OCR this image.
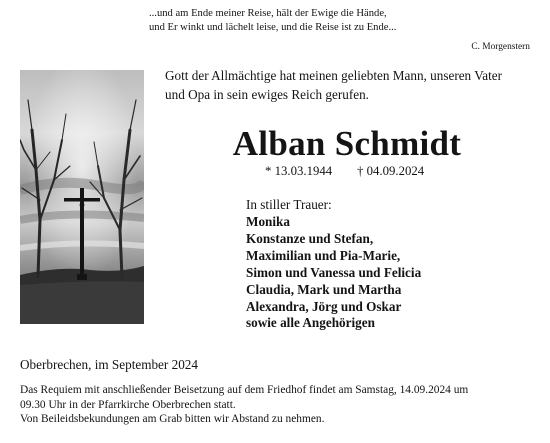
...und am Ende meiner Reise, hält der Ewige die Hände,
und Er winkt und lächelt leise, und die Reise ist zu Ende...
C. Morgenstern
Gott der Allmächtige hat meinen geliebten Mann, unseren Vater
und Opa in sein ewiges Reich gerufen.
Alban Schmidt
* 13.03.1944 † 04.09.2024
In stiller Trauer:
Monika
Konstanze und Stefan,
Maximilian und Pia-Marie,
Simon und Vanessa und Felicia
Claudia, Mark und Martha
Alexandra, Jörg und Oskar
sowie alle Angehörigen
Oberbrechen, im September 2024
Das Requiem mit anschließender Beisetzung auf dem Friedhof findet am Samstag, 14.09.2024 um
09.30 Uhr in der Pfarrkirche Oberbrechen statt.
Von Beileidsbekundungen am Grab bitten wir Abstand zu nehmen.
